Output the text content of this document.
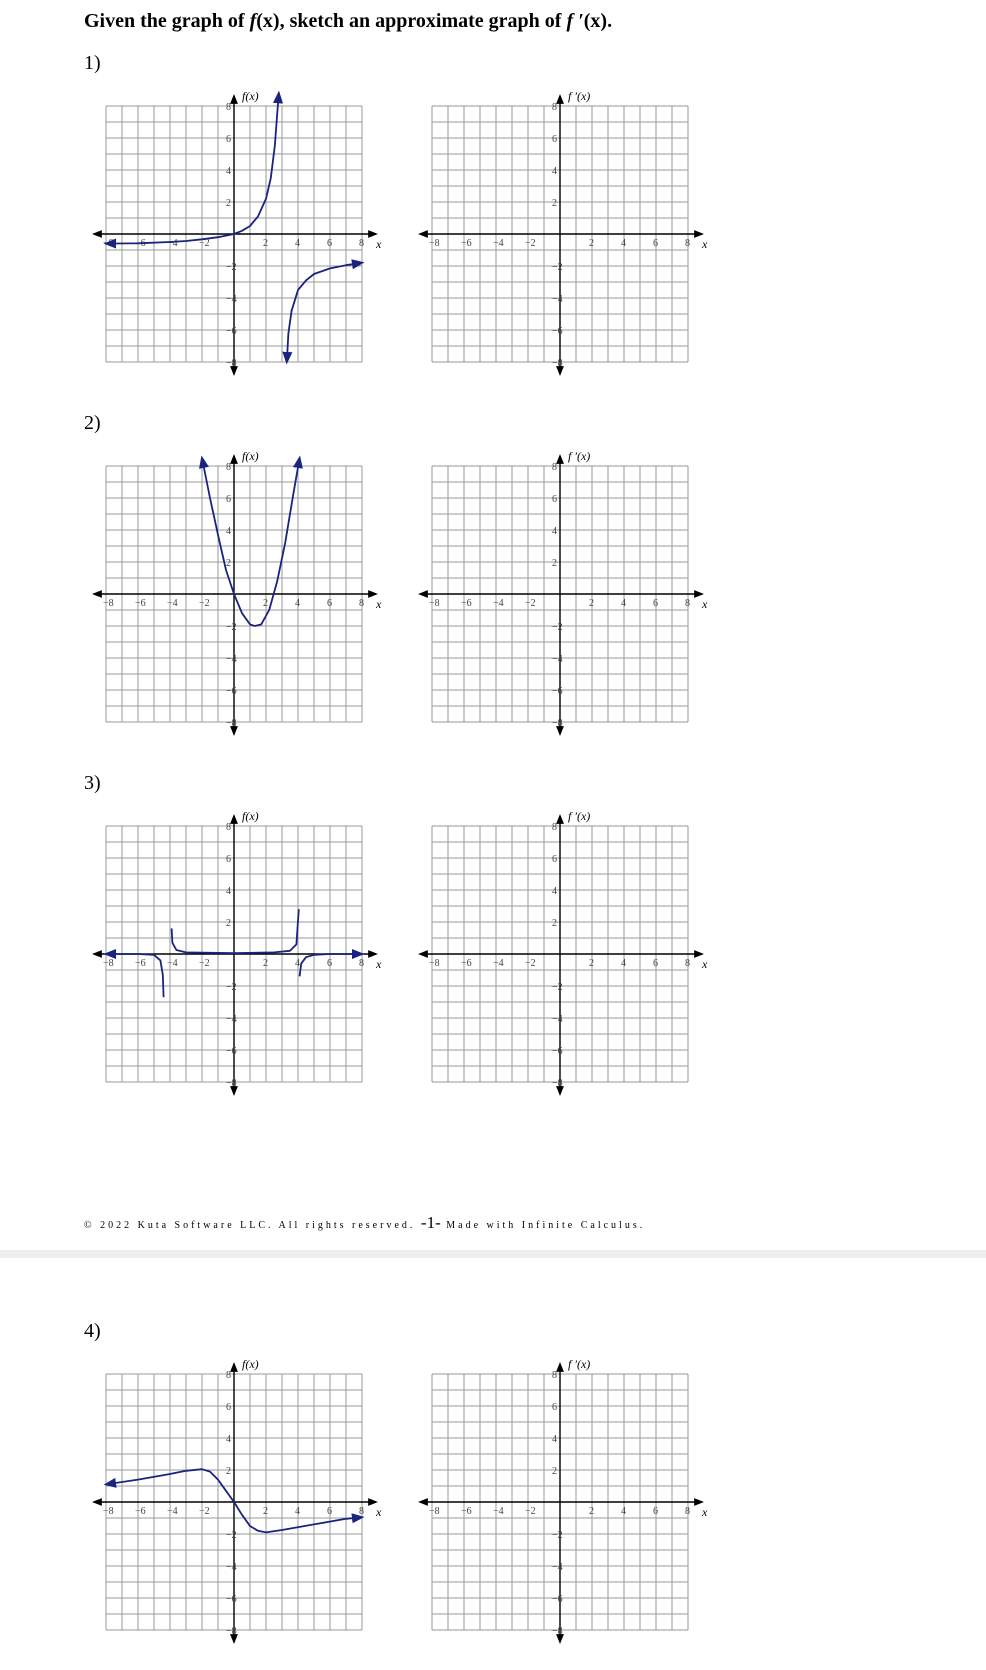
Given the graph of f(x), sketch an approximate graph of f ′(x).
1)
−8 −6 −4 −2	2	4	6	8
8
6
4
2
−2
−4
−6
−8
x
f(x)
−8 −6 −4 −2	2	4	6	8
8
6
4
2
−2
−4
−6
−8
x
f ′(x)
2)
−8 −6 −4 −2	2	4	6	8
8
6
4
2
−2
−4
−6
−8
x
f(x)
−8 −6 −4 −2	2	4	6	8
8
6
4
2
−2
−4
−6
−8
x
f ′(x)
3)
−8 −6 −4 −2	2	4	6	8
8
6
4
2
−2
−4
−6
−8
x
f(x)
−8 −6 −4 −2	2	4	6	8
8
6
4
2
−2
−4
−6
−8
x
f ′(x)
© 2022 Kuta Software LLC. All rights reserved. -1- Made with Infinite Calculus.
4)
−8 −6 −4 −2	2	4	6	8
8
6
4
2
−2
−4
−6
−8
x
f(x)
−8 −6 −4 −2	2	4	6	8
8
6
4
2
−2
−4
−6
−8
x
f ′(x)
